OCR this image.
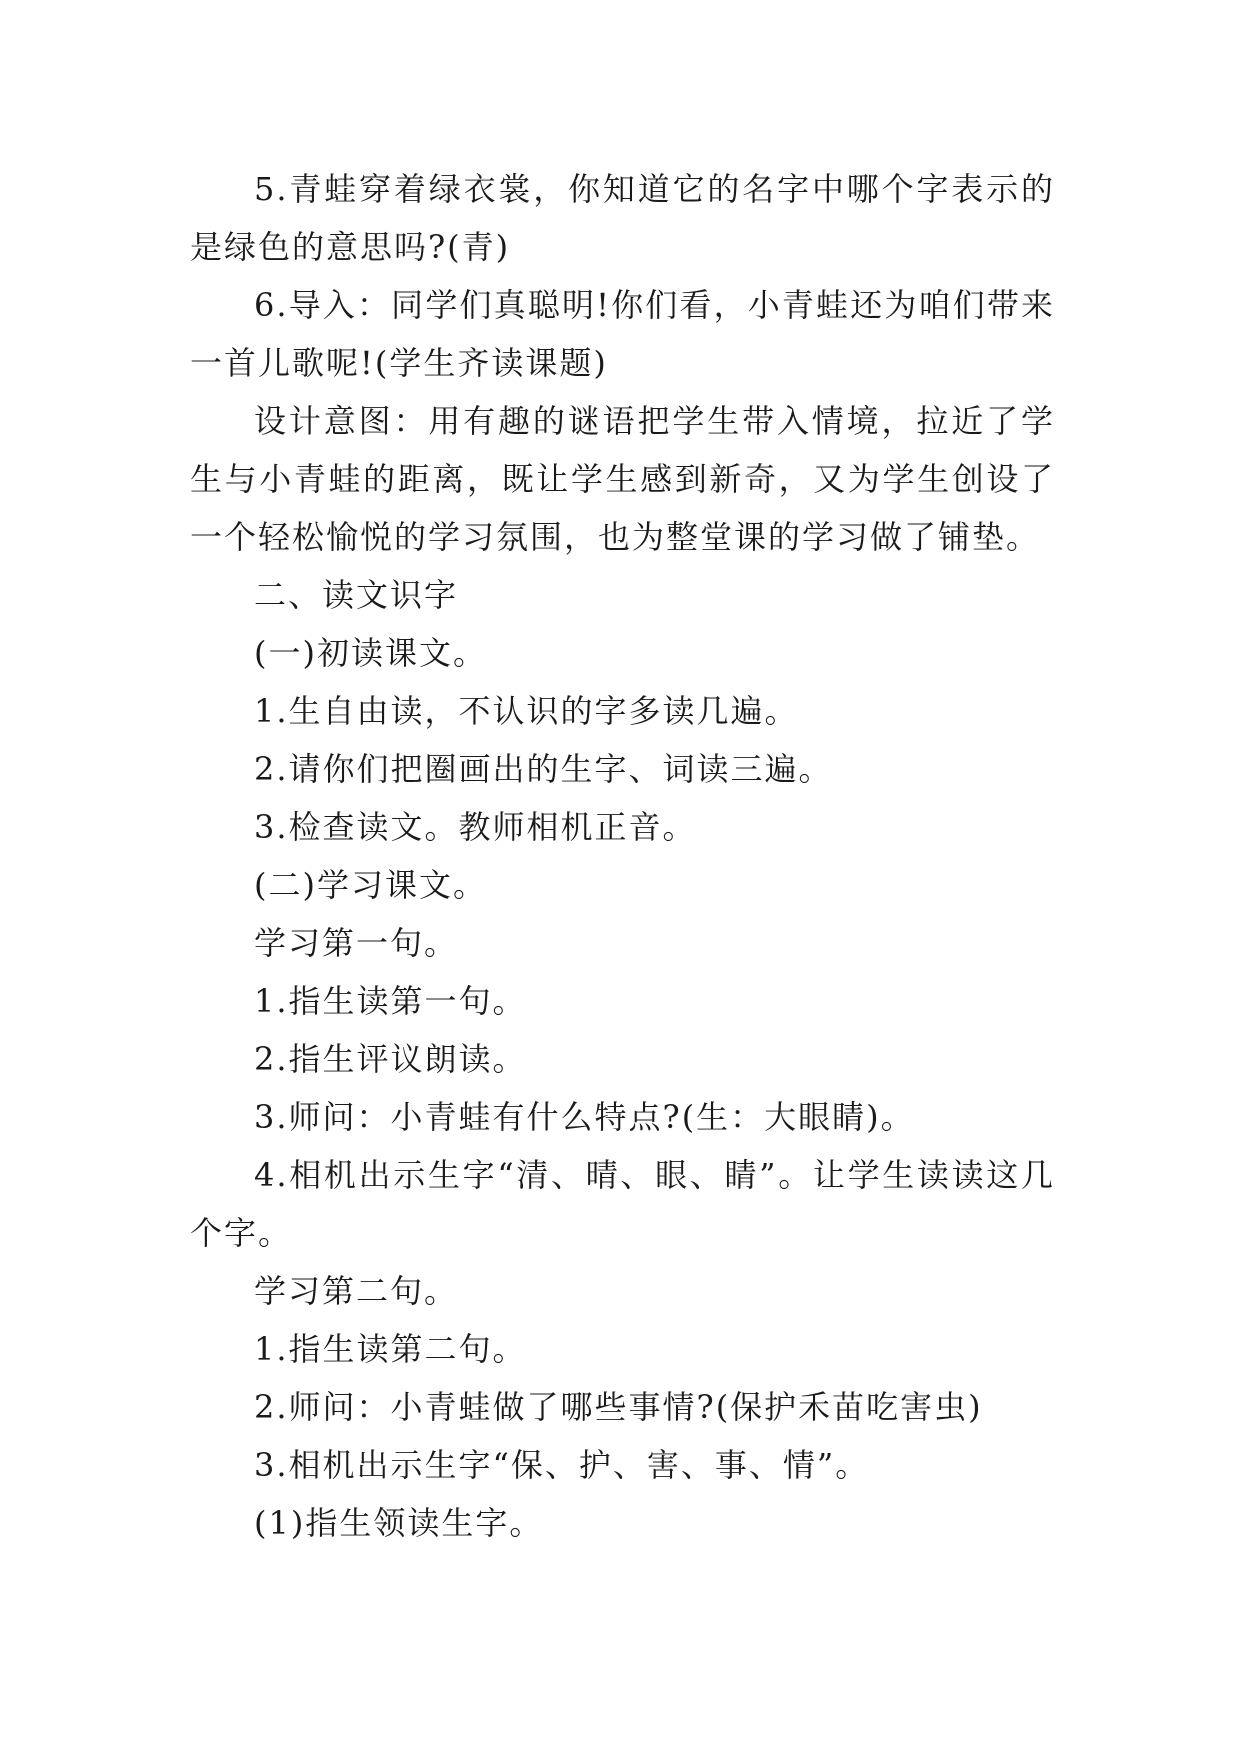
5.青蛙穿着绿衣裳，你知道它的名字中哪个字表示的是绿色的意思吗?(青)

6.导入：同学们真聪明!你们看，小青蛙还为咱们带来一首儿歌呢!(学生齐读课题)

设计意图：用有趣的谜语把学生带入情境，拉近了学生与小青蛙的距离，既让学生感到新奇，又为学生创设了一个轻松愉悦的学习氛围，也为整堂课的学习做了铺垫。

二、读文识字

(一)初读课文。

1.生自由读，不认识的字多读几遍。

2.请你们把圈画出的生字、词读三遍。

3.检查读文。教师相机正音。

(二)学习课文。

学习第一句。

1.指生读第一句。

2.指生评议朗读。

3.师问：小青蛙有什么特点?(生：大眼睛)。

4.相机出示生字“清、晴、眼、睛”。让学生读读这几个字。

学习第二句。

1.指生读第二句。

2.师问：小青蛙做了哪些事情?(保护禾苗吃害虫)

3.相机出示生字“保、护、害、事、情”。

(1)指生领读生字。
